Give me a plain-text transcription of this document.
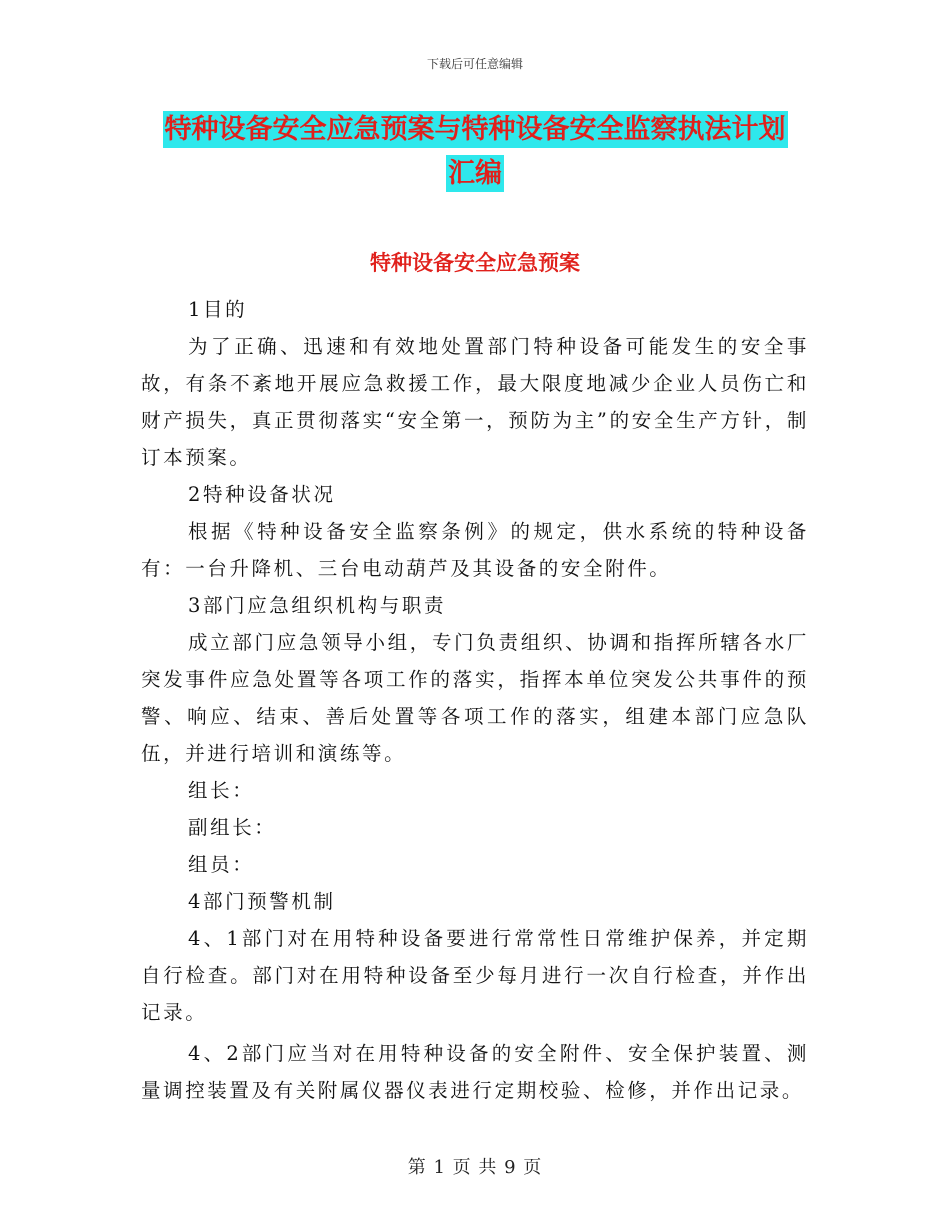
下载后可任意编辑
特种设备安全应急预案与特种设备安全监察执法计划
汇编
特种设备安全应急预案

1目的

为了正确、迅速和有效地处置部门特种设备可能发生的安全事故，有条不紊地开展应急救援工作，最大限度地减少企业人员伤亡和财产损失，真正贯彻落实“安全第一，预防为主”的安全生产方针，制订本预案。

2特种设备状况

根据《特种设备安全监察条例》的规定，供水系统的特种设备有：一台升降机、三台电动葫芦及其设备的安全附件。

3部门应急组织机构与职责

成立部门应急领导小组，专门负责组织、协调和指挥所辖各水厂突发事件应急处置等各项工作的落实，指挥本单位突发公共事件的预警、响应、结束、善后处置等各项工作的落实，组建本部门应急队伍，并进行培训和演练等。

组长：

副组长：

组员：

4部门预警机制

4、1部门对在用特种设备要进行常常性日常维护保养，并定期自行检查。部门对在用特种设备至少每月进行一次自行检查，并作出记录。

4、2部门应当对在用特种设备的安全附件、安全保护装置、测量调控装置及有关附属仪器仪表进行定期校验、检修，并作出记录。

第 1 页 共 9 页
